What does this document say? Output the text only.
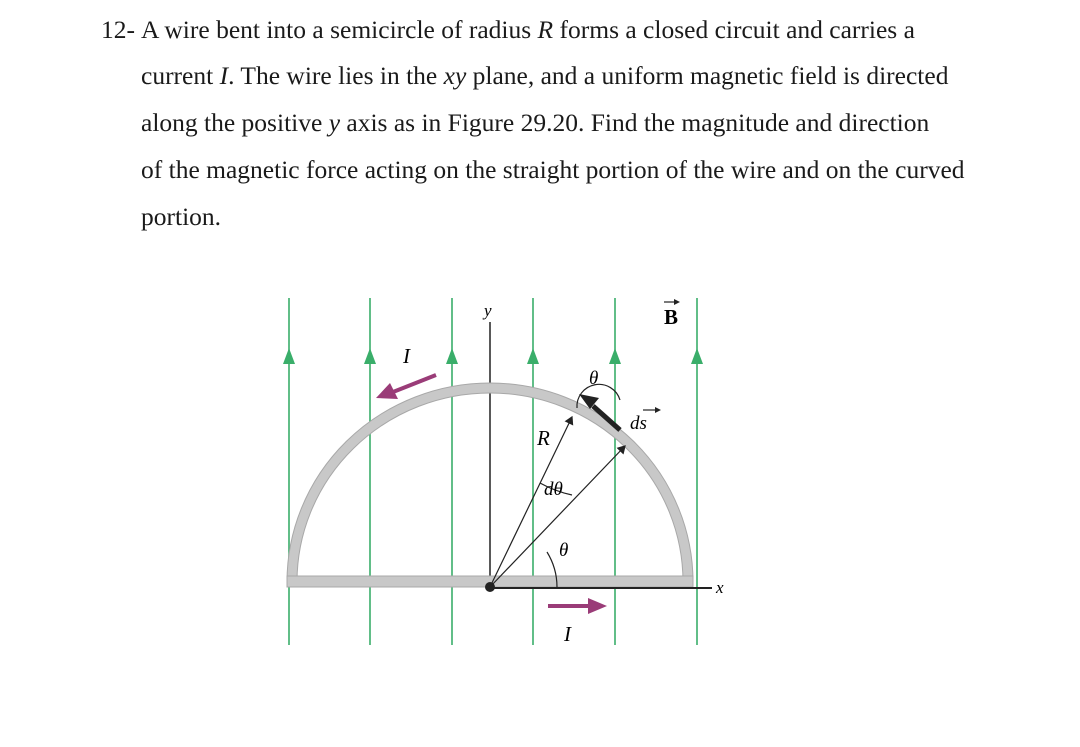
12- A wire bent into a semicircle of radius R forms a closed circuit and carries a
current I. The wire lies in the xy plane, and a uniform magnetic field is directed
along the positive y axis as in Figure 29.20. Find the magnitude and direction
of the magnetic force acting on the straight portion of the wire and on the curved
portion.
y
x
B
I
I
R
θ
dθ
θ
ds
